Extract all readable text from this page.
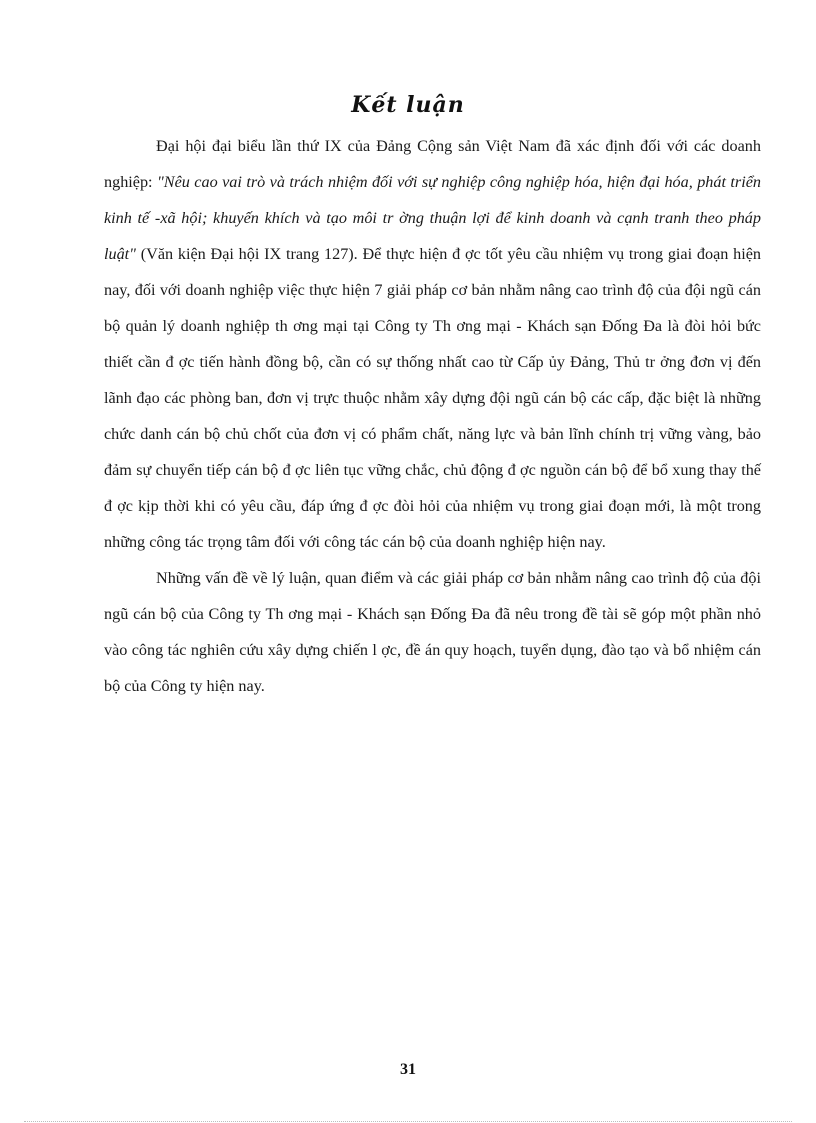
Kết luận

Đại hội đại biểu lần thứ IX của Đảng Cộng sản Việt Nam đã xác định đối với các doanh nghiệp: "Nêu cao vai trò và trách nhiệm đối với sự nghiệp công nghiệp hóa, hiện đại hóa, phát triển kinh tế -xã hội; khuyến khích và tạo môi tr ờng thuận lợi để kinh doanh và cạnh tranh theo pháp luật" (Văn kiện Đại hội IX trang 127). Để thực hiện đ ợc tốt yêu cầu nhiệm vụ trong giai đoạn hiện nay, đối với doanh nghiệp việc thực hiện 7 giải pháp cơ bản nhằm nâng cao trình độ của đội ngũ cán bộ quản lý doanh nghiệp th ơng mại tại Công ty Th ơng mại - Khách sạn Đống Đa là đòi hỏi bức thiết cần đ ợc tiến hành đồng bộ, cần có sự thống nhất cao từ Cấp ủy Đảng, Thủ tr ởng đơn vị đến lãnh đạo các phòng ban, đơn vị trực thuộc nhằm xây dựng đội ngũ cán bộ các cấp, đặc biệt là những chức danh cán bộ chủ chốt của đơn vị có phẩm chất, năng lực và bản lĩnh chính trị vững vàng, bảo đảm sự chuyển tiếp cán bộ đ ợc liên tục vững chắc, chủ động đ ợc nguồn cán bộ để bổ xung thay thế đ ợc kịp thời khi có yêu cầu, đáp ứng đ ợc đòi hỏi của nhiệm vụ trong giai đoạn mới, là một trong những công tác trọng tâm đối với công tác cán bộ của doanh nghiệp hiện nay.

Những vấn đề về lý luận, quan điểm và các giải pháp cơ bản nhằm nâng cao trình độ của đội ngũ cán bộ của Công ty Th ơng mại - Khách sạn Đống Đa đã nêu trong đề tài sẽ góp một phần nhỏ vào công tác nghiên cứu xây dựng chiến l ợc, đề án quy hoạch, tuyển dụng, đào tạo và bổ nhiệm cán bộ của Công ty hiện nay.

31
